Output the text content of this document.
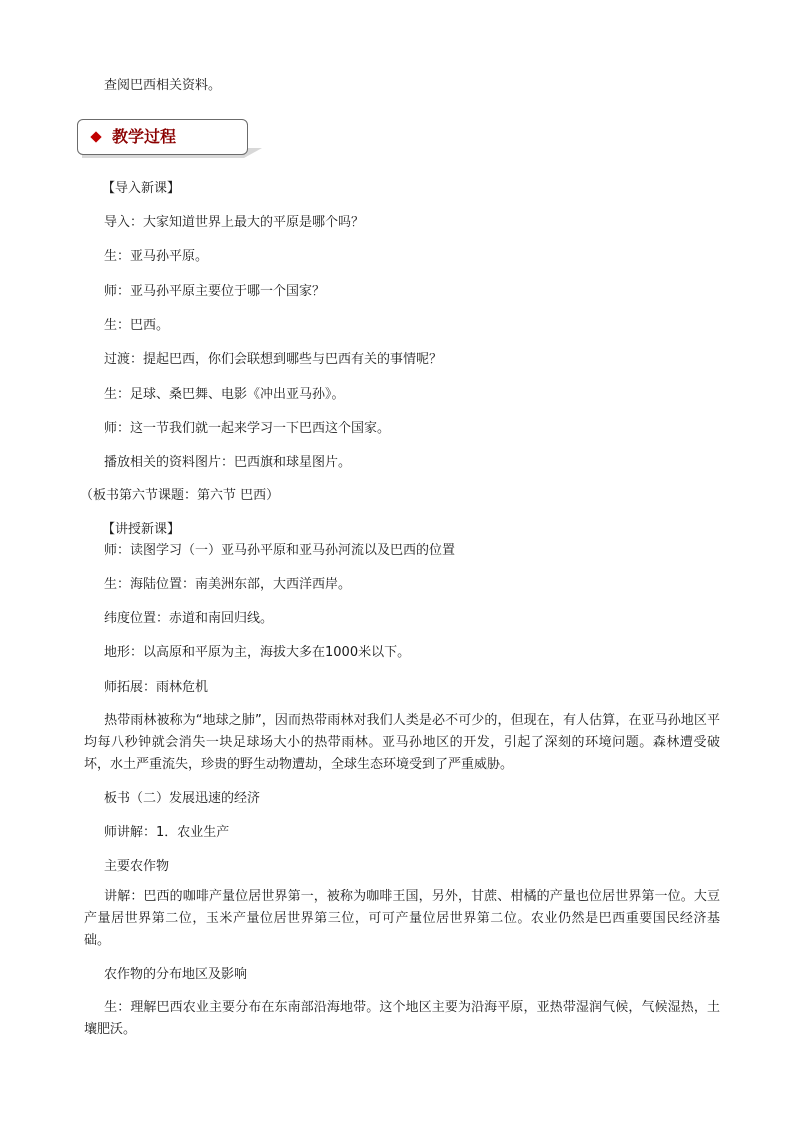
查阅巴西相关资料。
教学过程
【导入新课】
导入：大家知道世界上最大的平原是哪个吗？
生：亚马孙平原。
师：亚马孙平原主要位于哪一个国家？
生：巴西。
过渡：提起巴西，你们会联想到哪些与巴西有关的事情呢？
生：足球、桑巴舞、电影《冲出亚马孙》。
师：这一节我们就一起来学习一下巴西这个国家。
播放相关的资料图片：巴西旗和球星图片。
（板书第六节课题：第六节 巴西）
【讲授新课】
师：读图学习（一）亚马孙平原和亚马孙河流以及巴西的位置
生：海陆位置：南美洲东部，大西洋西岸。
纬度位置：赤道和南回归线。
地形：以高原和平原为主，海拔大多在1000米以下。
师拓展：雨林危机
热带雨林被称为“地球之肺”，因而热带雨林对我们人类是必不可少的，但现在，有人估算，在亚马孙地区平均每八秒钟就会消失一块足球场大小的热带雨林。亚马孙地区的开发，引起了深刻的环境问题。森林遭受破坏，水土严重流失，珍贵的野生动物遭劫，全球生态环境受到了严重威胁。
板书（二）发展迅速的经济
师讲解：1．农业生产
主要农作物
讲解：巴西的咖啡产量位居世界第一，被称为咖啡王国，另外，甘蔗、柑橘的产量也位居世界第一位。大豆产量居世界第二位，玉米产量位居世界第三位，可可产量位居世界第二位。农业仍然是巴西重要国民经济基础。
农作物的分布地区及影响
生：理解巴西农业主要分布在东南部沿海地带。这个地区主要为沿海平原，亚热带湿润气候，气候湿热，土壤肥沃。
